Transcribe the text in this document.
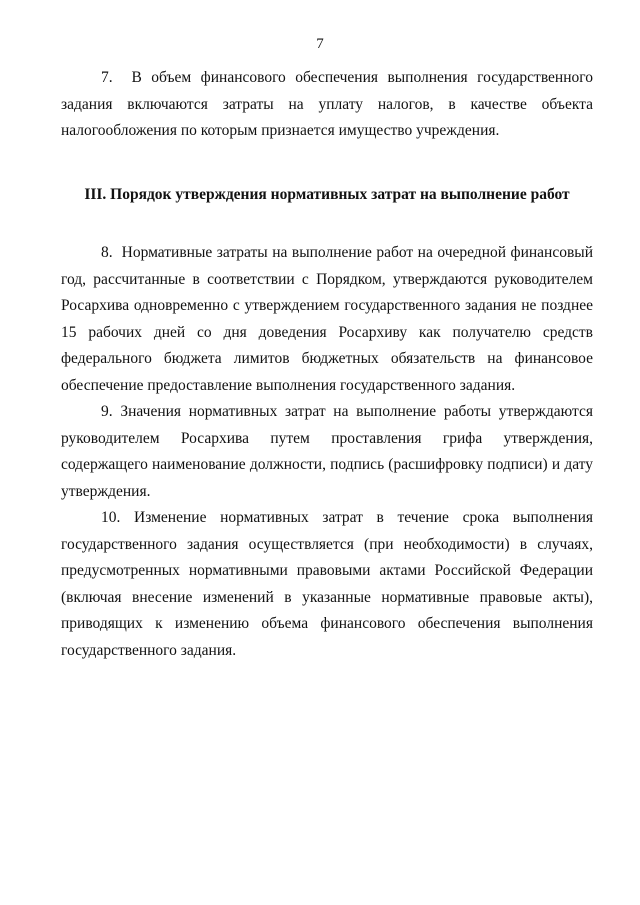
7

7.  В объем финансового обеспечения выполнения государственного задания включаются затраты на уплату налогов, в качестве объекта налогообложения по которым признается имущество учреждения.

III. Порядок утверждения нормативных затрат на выполнение работ

8.  Нормативные затраты на выполнение работ на очередной финансовый год, рассчитанные в соответствии с Порядком, утверждаются руководителем Росархива одновременно с утверждением государственного задания не позднее 15 рабочих дней со дня доведения Росархиву как получателю средств федерального бюджета лимитов бюджетных обязательств на финансовое обеспечение предоставление выполнения государственного задания.

9. Значения нормативных затрат на выполнение работы утверждаются руководителем Росархива путем проставления грифа утверждения, содержащего наименование должности, подпись (расшифровку подписи) и дату утверждения.

10. Изменение нормативных затрат в течение срока выполнения государственного задания осуществляется (при необходимости) в случаях, предусмотренных нормативными правовыми актами Российской Федерации (включая внесение изменений в указанные нормативные правовые акты), приводящих к изменению объема финансового обеспечения выполнения государственного задания.
